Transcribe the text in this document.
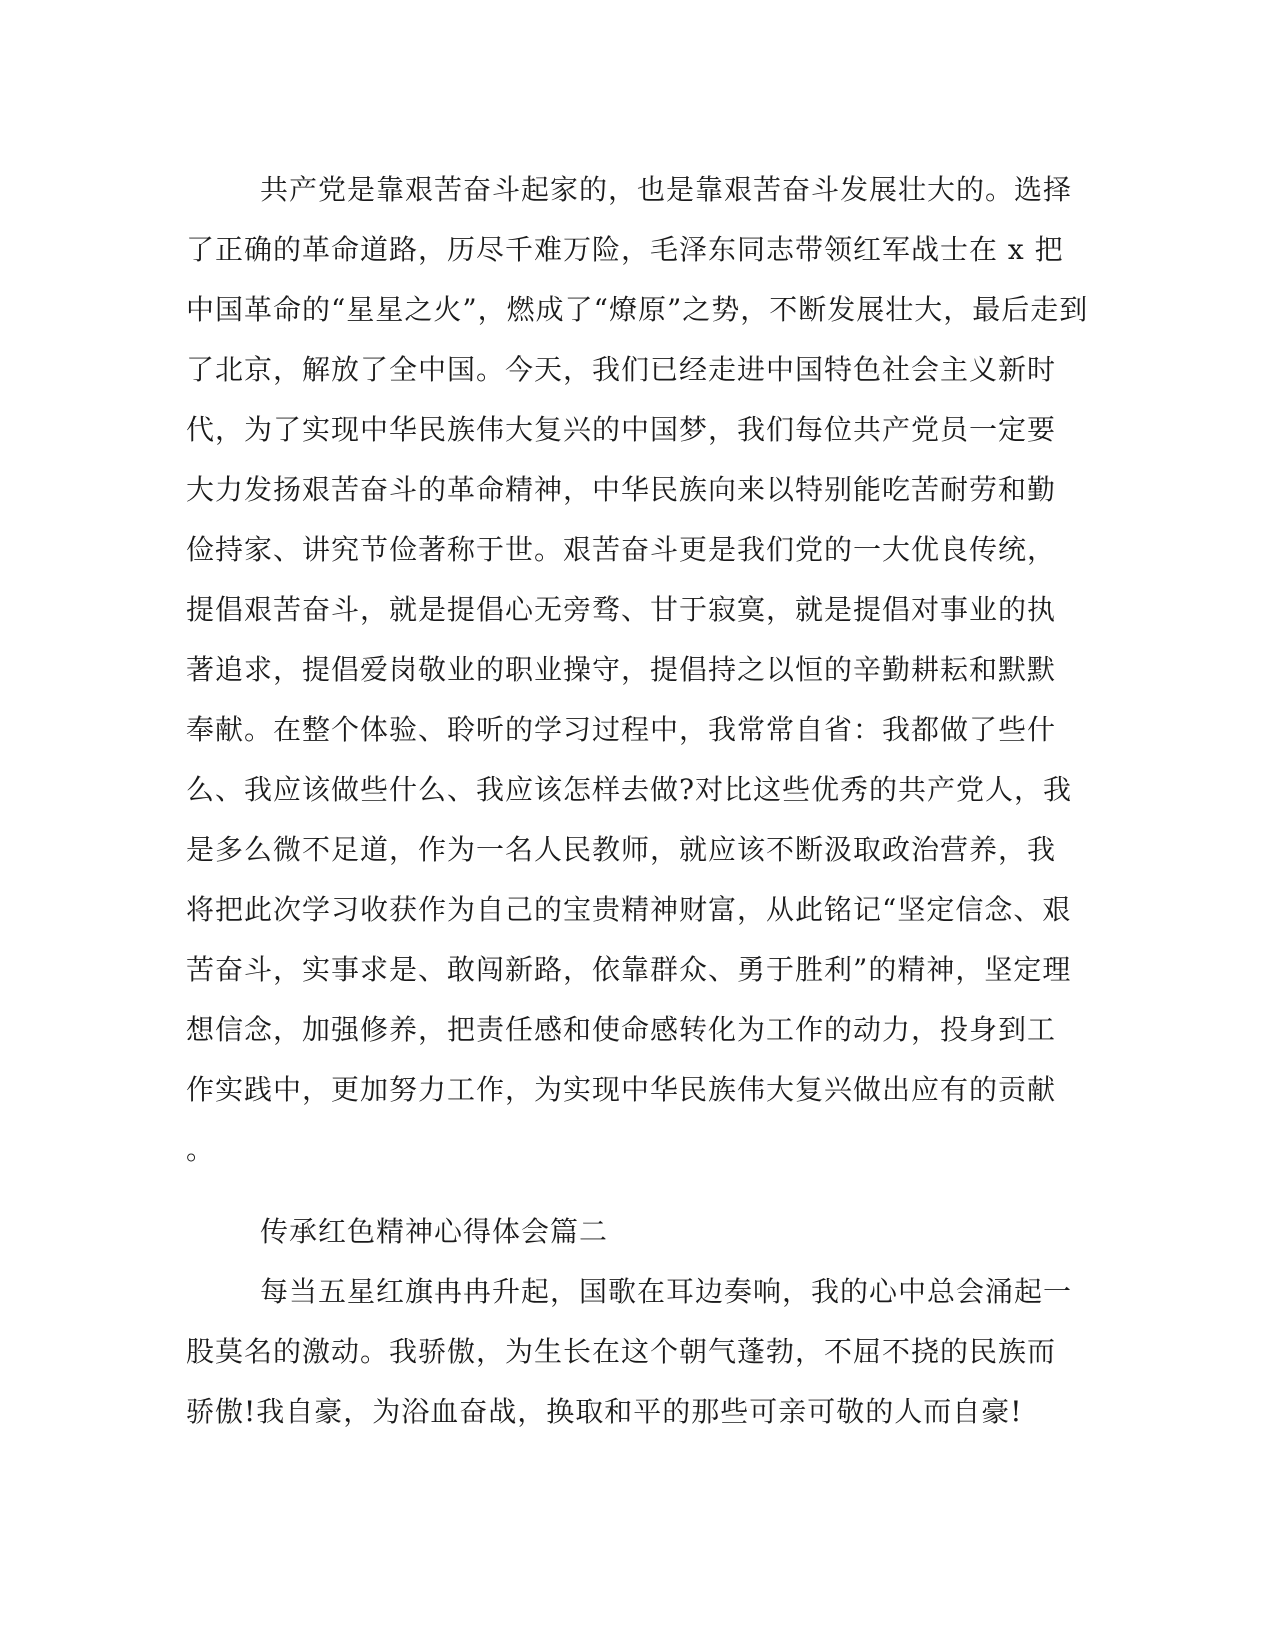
共产党是靠艰苦奋斗起家的，也是靠艰苦奋斗发展壮大的。选择
了正确的革命道路，历尽千难万险，毛泽东同志带领红军战士在 x 把
中国革命的“星星之火”，燃成了“燎原”之势，不断发展壮大，最后走到
了北京，解放了全中国。今天，我们已经走进中国特色社会主义新时
代，为了实现中华民族伟大复兴的中国梦，我们每位共产党员一定要
大力发扬艰苦奋斗的革命精神，中华民族向来以特别能吃苦耐劳和勤
俭持家、讲究节俭著称于世。艰苦奋斗更是我们党的一大优良传统，
提倡艰苦奋斗，就是提倡心无旁骛、甘于寂寞，就是提倡对事业的执
著追求，提倡爱岗敬业的职业操守，提倡持之以恒的辛勤耕耘和默默
奉献。在整个体验、聆听的学习过程中，我常常自省：我都做了些什
么、我应该做些什么、我应该怎样去做?对比这些优秀的共产党人，我
是多么微不足道，作为一名人民教师，就应该不断汲取政治营养，我
将把此次学习收获作为自己的宝贵精神财富，从此铭记“坚定信念、艰
苦奋斗，实事求是、敢闯新路，依靠群众、勇于胜利”的精神，坚定理
想信念，加强修养，把责任感和使命感转化为工作的动力，投身到工
作实践中，更加努力工作，为实现中华民族伟大复兴做出应有的贡献
。
传承红色精神心得体会篇二
每当五星红旗冉冉升起，国歌在耳边奏响，我的心中总会涌起一
股莫名的激动。我骄傲，为生长在这个朝气蓬勃，不屈不挠的民族而
骄傲!我自豪，为浴血奋战，换取和平的那些可亲可敬的人而自豪!
